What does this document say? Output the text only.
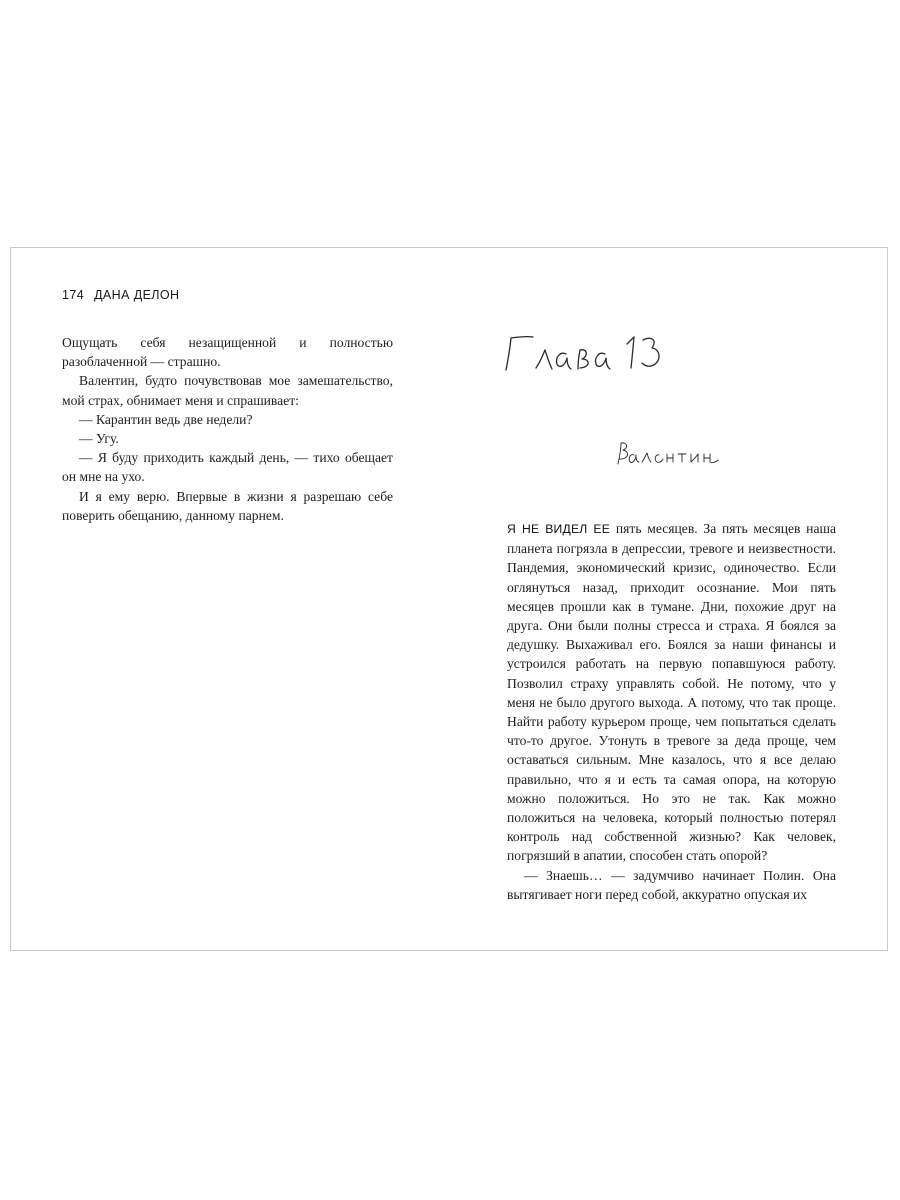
174 ДАНА ДЕЛОН

Ощущать себя незащищенной и полностью разоблаченной — страшно.

Валентин, будто почувствовав мое замешательство, мой страх, обнимает меня и спрашивает:

— Карантин ведь две недели?

— Угу.

— Я буду приходить каждый день, — тихо обещает он мне на ухо.

И я ему верю. Впервые в жизни я разрешаю себе поверить обещанию, данному парнем.

Я НЕ ВИДЕЛ ЕЕ пять месяцев. За пять месяцев наша планета погрязла в депрессии, тревоге и неизвестности. Пандемия, экономический кризис, одиночество. Если оглянуться назад, приходит осознание. Мои пять месяцев прошли как в тумане. Дни, похожие друг на друга. Они были полны стресса и страха. Я боялся за дедушку. Выхаживал его. Боялся за наши финансы и устроился работать на первую попавшуюся работу. Позволил страху управлять собой. Не потому, что у меня не было другого выхода. А потому, что так проще. Найти работу курьером проще, чем попытаться сделать что-то другое. Утонуть в тревоге за деда проще, чем оставаться сильным. Мне казалось, что я все делаю правильно, что я и есть та самая опора, на которую можно положиться. Но это не так. Как можно положиться на человека, который полностью потерял контроль над собственной жизнью? Как человек, погрязший в апатии, способен стать опорой?

— Знаешь… — задумчиво начинает Полин. Она вытягивает ноги перед собой, аккуратно опуская их
